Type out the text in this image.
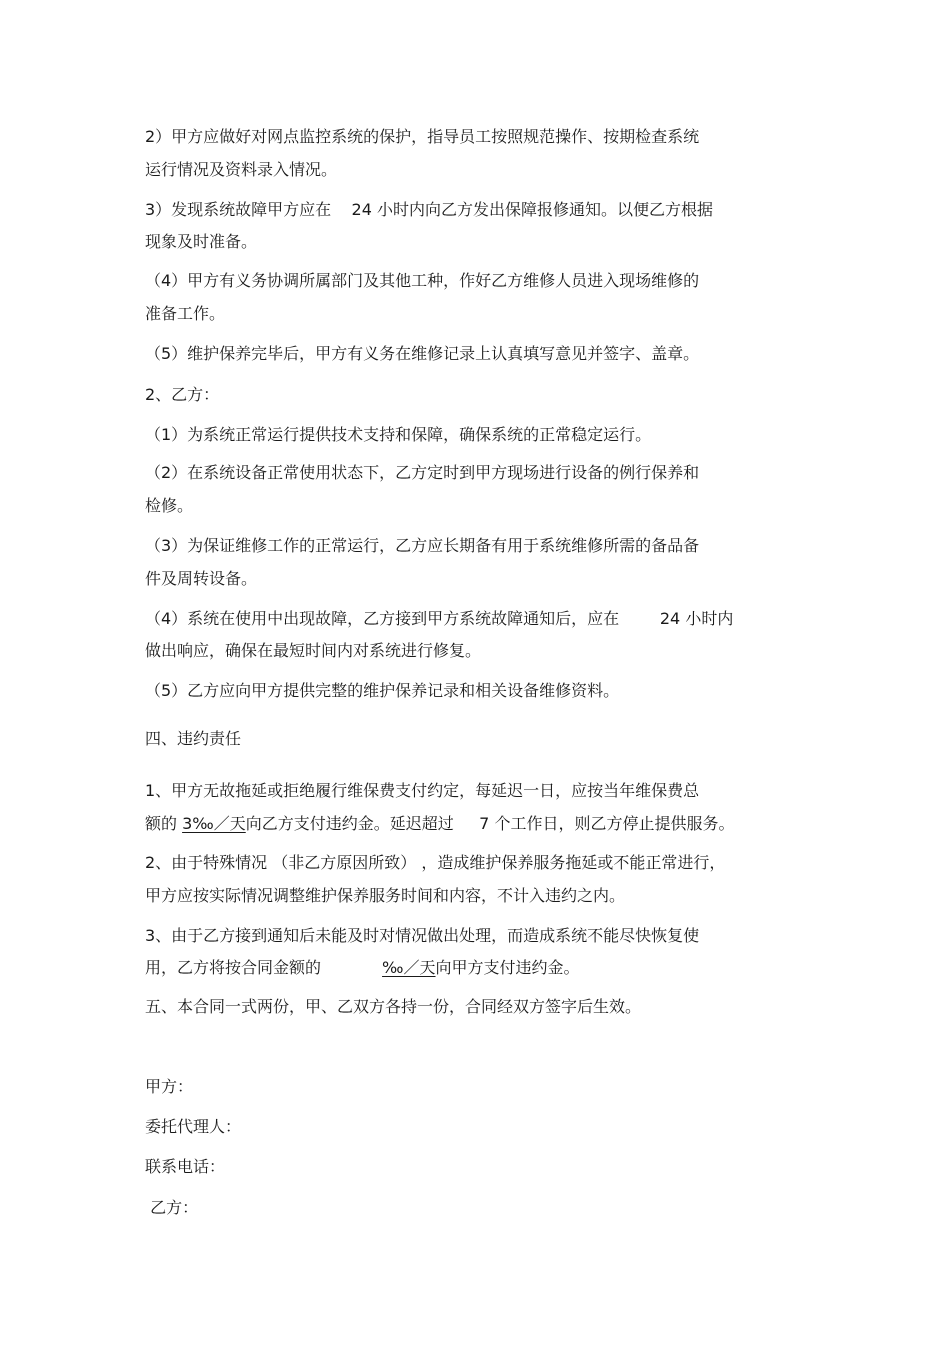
2）甲方应做好对网点监控系统的保护，指导员工按照规范操作、按期检查系统

运行情况及资料录入情况。

3）发现系统故障甲方应在    24 小时内向乙方发出保障报修通知。以便乙方根据

现象及时准备。

（4）甲方有义务协调所属部门及其他工种，作好乙方维修人员进入现场维修的

准备工作。

（5）维护保养完毕后，甲方有义务在维修记录上认真填写意见并签字、盖章。

2、乙方：

（1）为系统正常运行提供技术支持和保障，确保系统的正常稳定运行。

（2）在系统设备正常使用状态下，乙方定时到甲方现场进行设备的例行保养和

检修。

（3）为保证维修工作的正常运行，乙方应长期备有用于系统维修所需的备品备

件及周转设备。

（4）系统在使用中出现故障，乙方接到甲方系统故障通知后，应在        24 小时内

做出响应，确保在最短时间内对系统进行修复。

（5）乙方应向甲方提供完整的维护保养记录和相关设备维修资料。

四、违约责任

1、甲方无故拖延或拒绝履行维保费支付约定，每延迟一日，应按当年维保费总

额的 3‰／天向乙方支付违约金。延迟超过     7 个工作日，则乙方停止提供服务。

2、由于特殊情况 （非乙方原因所致） ，造成维护保养服务拖延或不能正常进行，

甲方应按实际情况调整维护保养服务时间和内容，不计入违约之内。

3、由于乙方接到通知后未能及时对情况做出处理，而造成系统不能尽快恢复使

用，乙方将按合同金额的            ‰／天向甲方支付违约金。

五、本合同一式两份，甲、乙双方各持一份，合同经双方签字后生效。

甲方：

委托代理人：

联系电话：

乙方：
